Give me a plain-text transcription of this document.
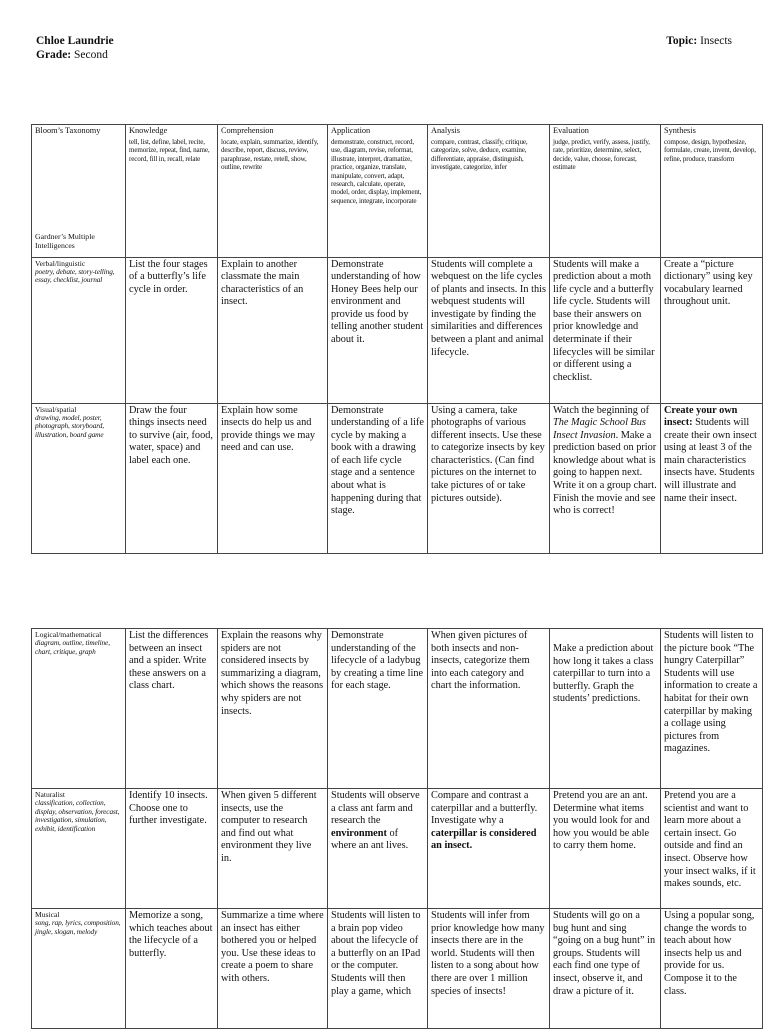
Chloe Laundrie
Grade: Second
Topic: Insects
Bloom’s Taxonomy
Gardner’s Multiple Intelligences	Knowledge	Comprehension	Application	Analysis	Evaluation	Synthesis
	tell, list, define, label, recite, memorize, repeat, find, name, record, fill in, recall, relate	locate, explain, summarize, identify, describe, report, discuss, review, paraphrase, restate, retell, show, outline, rewrite	demonstrate, construct, record, use, diagram, revise, reformat, illustrate, interpret, dramatize, practice, organize, translate, manipulate, convert, adapt, research, calculate, operate, model, order, display, implement, sequence, integrate, incorporate	compare, contrast, classify, critique, categorize, solve, deduce, examine, differentiate, appraise, distinguish, investigate, categorize, infer	judge, predict, verify, assess, justify, rate, prioritize, determine, select, decide, value, choose, forecast, estimate	compose, design, hypothesize, formulate, create, invent, develop, refine, produce, transform

Verbal/linguistic
poetry, debate, story-telling, essay, checklist, journal	List the four stages of a butterfly’s life cycle in order.	Explain to another classmate the main characteristics of an insect.	Demonstrate understanding of how Honey Bees help our environment and provide us food by telling another student about it.	Students will complete a webquest on the life cycles of plants and insects. In this webquest students will investigate by finding the similarities and differences between a plant and animal lifecycle.	Students will make a prediction about a moth life cycle and a butterfly life cycle. Students will base their answers on prior knowledge and determinate if their lifecycles will be similar or different using a checklist.	Create a “picture dictionary” using key vocabulary learned throughout unit.

Visual/spatial
drawing, model, poster, photograph, storyboard, illustration, board game	Draw the four things insects need to survive (air, food, water, space) and label each one.	Explain how some insects do help us and provide things we may need and can use.	Demonstrate understanding of a life cycle by making a book with a drawing of each life cycle stage and a sentence about what is happening during that stage.	Using a camera, take photographs of various different insects. Use these to categorize insects by key characteristics. (Can find pictures on the internet to take pictures of or take pictures outside).	Watch the beginning of The Magic School Bus Insect Invasion. Make a prediction based on prior knowledge about what is going to happen next. Write it on a group chart. Finish the movie and see who is correct!	Create your own insect: Students will create their own insect using at least 3 of the main characteristics insects have. Students will illustrate and name their insect.
Logical/mathematical
diagram, outline, timeline, chart, critique, graph	List the differences between an insect and a spider. Write these answers on a class chart.	Explain the reasons why spiders are not considered insects by summarizing a diagram, which shows the reasons why spiders are not insects.	Demonstrate understanding of the lifecycle of a ladybug by creating a time line for each stage.	When given pictures of both insects and non-insects, categorize them into each category and chart the information.	Make a prediction about how long it takes a class caterpillar to turn into a butterfly. Graph the students’ predictions.	Students will listen to the picture book “The hungry Caterpillar” Students will use information to create a habitat for their own caterpillar by making a collage using pictures from magazines.

Naturalist
classification, collection, display, observation, forecast, investigation, simulation, exhibit, identification	Identify 10 insects. Choose one to further investigate.	When given 5 different insects, use the computer to research and find out what environment they live in.	Students will observe a class ant farm and research the environment of where an ant lives.	Compare and contrast a caterpillar and a butterfly. Investigate why a caterpillar is considered an insect.	Pretend you are an ant. Determine what items you would look for and how you would be able to carry them home.	Pretend you are a scientist and want to learn more about a certain insect. Go outside and find an insect. Observe how your insect walks, if it makes sounds, etc.

Musical
song, rap, lyrics, composition, jingle, slogan, melody	Memorize a song, which teaches about the lifecycle of a butterfly.	Summarize a time where an insect has either bothered you or helped you. Use these ideas to create a poem to share with others.	Students will listen to a brain pop video about the lifecycle of a butterfly on an IPad or the computer. Students will then play a game, which	Students will infer from prior knowledge how many insects there are in the world. Students will then listen to a song about how there are over 1 million species of insects!	Students will go on a bug hunt and sing “going on a bug hunt” in groups. Students will each find one type of insect, observe it, and draw a picture of it.	Using a popular song, change the words to teach about how insects help us and provide for us. Compose it to the class.
